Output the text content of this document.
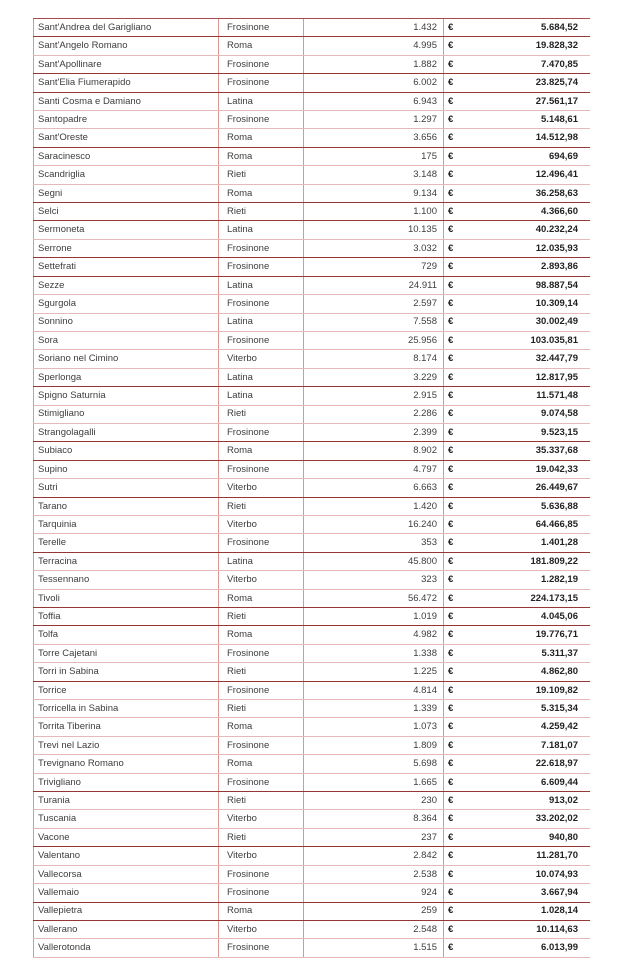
Sant'Andrea del Garigliano	Frosinone	1.432	€	5.684,52
Sant'Angelo Romano	Roma	4.995	€	19.828,32
Sant'Apollinare	Frosinone	1.882	€	7.470,85
Sant'Elia Fiumerapido	Frosinone	6.002	€	23.825,74
Santi Cosma e Damiano	Latina	6.943	€	27.561,17
Santopadre	Frosinone	1.297	€	5.148,61
Sant'Oreste	Roma	3.656	€	14.512,98
Saracinesco	Roma	175	€	694,69
Scandriglia	Rieti	3.148	€	12.496,41
Segni	Roma	9.134	€	36.258,63
Selci	Rieti	1.100	€	4.366,60
Sermoneta	Latina	10.135	€	40.232,24
Serrone	Frosinone	3.032	€	12.035,93
Settefrati	Frosinone	729	€	2.893,86
Sezze	Latina	24.911	€	98.887,54
Sgurgola	Frosinone	2.597	€	10.309,14
Sonnino	Latina	7.558	€	30.002,49
Sora	Frosinone	25.956	€	103.035,81
Soriano nel Cimino	Viterbo	8.174	€	32.447,79
Sperlonga	Latina	3.229	€	12.817,95
Spigno Saturnia	Latina	2.915	€	11.571,48
Stimigliano	Rieti	2.286	€	9.074,58
Strangolagalli	Frosinone	2.399	€	9.523,15
Subiaco	Roma	8.902	€	35.337,68
Supino	Frosinone	4.797	€	19.042,33
Sutri	Viterbo	6.663	€	26.449,67
Tarano	Rieti	1.420	€	5.636,88
Tarquinia	Viterbo	16.240	€	64.466,85
Terelle	Frosinone	353	€	1.401,28
Terracina	Latina	45.800	€	181.809,22
Tessennano	Viterbo	323	€	1.282,19
Tivoli	Roma	56.472	€	224.173,15
Toffia	Rieti	1.019	€	4.045,06
Tolfa	Roma	4.982	€	19.776,71
Torre Cajetani	Frosinone	1.338	€	5.311,37
Torri in Sabina	Rieti	1.225	€	4.862,80
Torrice	Frosinone	4.814	€	19.109,82
Torricella in Sabina	Rieti	1.339	€	5.315,34
Torrita Tiberina	Roma	1.073	€	4.259,42
Trevi nel Lazio	Frosinone	1.809	€	7.181,07
Trevignano Romano	Roma	5.698	€	22.618,97
Trivigliano	Frosinone	1.665	€	6.609,44
Turania	Rieti	230	€	913,02
Tuscania	Viterbo	8.364	€	33.202,02
Vacone	Rieti	237	€	940,80
Valentano	Viterbo	2.842	€	11.281,70
Vallecorsa	Frosinone	2.538	€	10.074,93
Vallemaio	Frosinone	924	€	3.667,94
Vallepietra	Roma	259	€	1.028,14
Vallerano	Viterbo	2.548	€	10.114,63
Vallerotonda	Frosinone	1.515	€	6.013,99
